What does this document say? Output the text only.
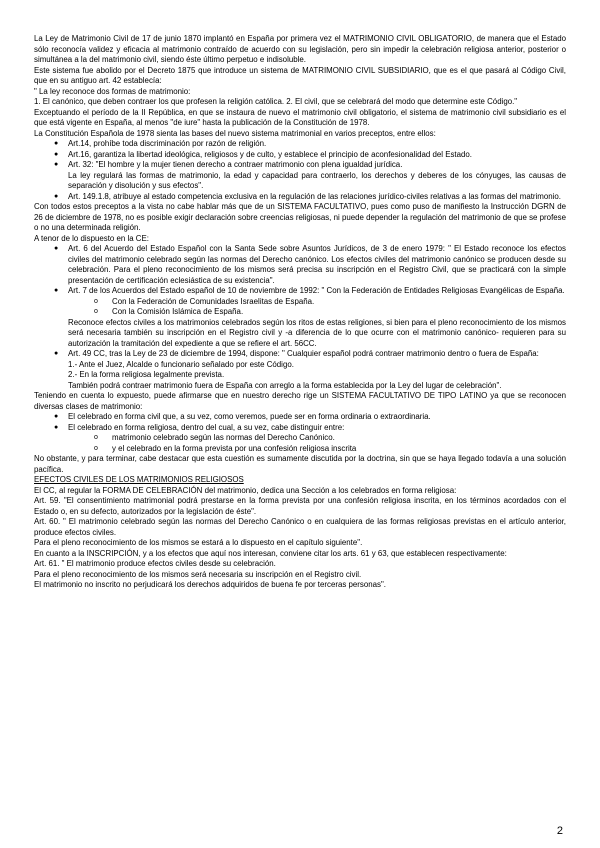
La Ley de Matrimonio Civil de 17 de junio 1870 implantó en España por primera vez el MATRIMONIO CIVIL OBLIGATORIO, de manera que el Estado sólo reconocía validez y eficacia al matrimonio contraído de acuerdo con su legislación, pero sin impedir la celebración religiosa anterior, posterior o simultánea a la del matrimonio civil, siendo éste último perpetuo e indisoluble.

Este sistema fue abolido por el Decreto 1875 que introduce un sistema de MATRIMONIO CIVIL SUBSIDIARIO, que es el que pasará al Código Civil, que en su antiguo art. 42 establecía:

" La ley reconoce dos formas de matrimonio:

1. El canónico, que deben contraer los que profesen la religión católica. 2. El civil, que se celebrará del modo que determine este Código."

Exceptuando el período de la II República, en que se instaura de nuevo el matrimonio civil obligatorio, el sistema de matrimonio civil subsidiario es el que está vigente en España, al menos "de iure" hasta la publicación de la Constitución de 1978.

La Constitución Española de 1978 sienta las bases del nuevo sistema matrimonial en varios preceptos, entre ellos:

● Art.14, prohíbe toda discriminación por razón de religión.
● Art.16, garantiza la libertad ideológica, religiosos y de culto, y establece el principio de aconfesionalidad del Estado.
● Art. 32: "El hombre y la mujer tienen derecho a contraer matrimonio con plena igualdad jurídica.
La ley regulará las formas de matrimonio, la edad y capacidad para contraerlo, los derechos y deberes de los cónyuges, las causas de separación y disolución y sus efectos".
● Art. 149.1.8, atribuye al estado competencia exclusiva en la regulación de las relaciones jurídico-civiles relativas a las formas del matrimonio.

Con todos estos preceptos a la vista no cabe hablar más que de un SISTEMA FACULTATIVO, pues como puso de manifiesto la Instrucción DGRN de 26 de diciembre de 1978, no es posible exigir declaración sobre creencias religiosas, ni puede depender la regulación del matrimonio de que se profese o no una determinada religión.

A tenor de lo dispuesto en la CE:

● Art. 6 del Acuerdo del Estado Español con la Santa Sede sobre Asuntos Jurídicos, de 3 de enero 1979: " El Estado reconoce los efectos civiles del matrimonio celebrado según las normas del Derecho canónico. Los efectos civiles del matrimonio canónico se producen desde su celebración. Para el pleno reconocimiento de los mismos será precisa su inscripción en el Registro Civil, que se practicará con la simple presentación de certificación eclesiástica de su existencia".
● Art. 7 de los Acuerdos del Estado español de 10 de noviembre de 1992: " Con la Federación de Entidades Religiosas Evangélicas de España.
o Con la Federación de Comunidades Israelitas de España.
o Con la Comisión Islámica de España.
Reconoce efectos civiles a los matrimonios celebrados según los ritos de estas religiones, si bien para el pleno reconocimiento de los mismos será necesaria también su inscripción en el Registro civil y -a diferencia de lo que ocurre con el matrimonio canónico- requieren para su autorización la tramitación del expediente a que se refiere el art. 56CC.
● Art. 49 CC, tras la Ley de 23 de diciembre de 1994, dispone: " Cualquier español podrá contraer matrimonio dentro o fuera de España:
1.- Ante el Juez, Alcalde o funcionario señalado por este Código.
2.- En la forma religiosa legalmente prevista.
También podrá contraer matrimonio fuera de España con arreglo a la forma establecida por la Ley del lugar de celebración".

Teniendo en cuenta lo expuesto, puede afirmarse que en nuestro derecho rige un SISTEMA FACULTATIVO DE TIPO LATINO ya que se reconocen diversas clases de matrimonio:

● El celebrado en forma civil que, a su vez, como veremos, puede ser en forma ordinaria o extraordinaria.
● El celebrado en forma religiosa, dentro del cual, a su vez, cabe distinguir entre:
o matrimonio celebrado según las normas del Derecho Canónico.
o y el celebrado en la forma prevista por una confesión religiosa inscrita

No obstante, y para terminar, cabe destacar que esta cuestión es sumamente discutida por la doctrina, sin que se haya llegado todavía a una solución pacífica.

EFECTOS CIVILES DE LOS MATRIMONIOS RELIGIOSOS

El CC, al regular la FORMA DE CELEBRACIÓN del matrimonio, dedica una Sección a los celebrados en forma religiosa:

Art. 59. "El consentimiento matrimonial podrá prestarse en la forma prevista por una confesión religiosa inscrita, en los términos acordados con el Estado o, en su defecto, autorizados por la legislación de éste".

Art. 60. " El matrimonio celebrado según las normas del Derecho Canónico o en cualquiera de las formas religiosas previstas en el artículo anterior, produce efectos civiles.

Para el pleno reconocimiento de los mismos se estará a lo dispuesto en el capítulo siguiente".

En cuanto a la INSCRIPCIÓN, y a los efectos que aquí nos interesan, conviene citar los arts. 61 y 63, que establecen respectivamente:

Art. 61. " El matrimonio produce efectos civiles desde su celebración.

Para el pleno reconocimiento de los mismos será necesaria su inscripción en el Registro civil.

El matrimonio no inscrito no perjudicará los derechos adquiridos de buena fe por terceras personas".

2
